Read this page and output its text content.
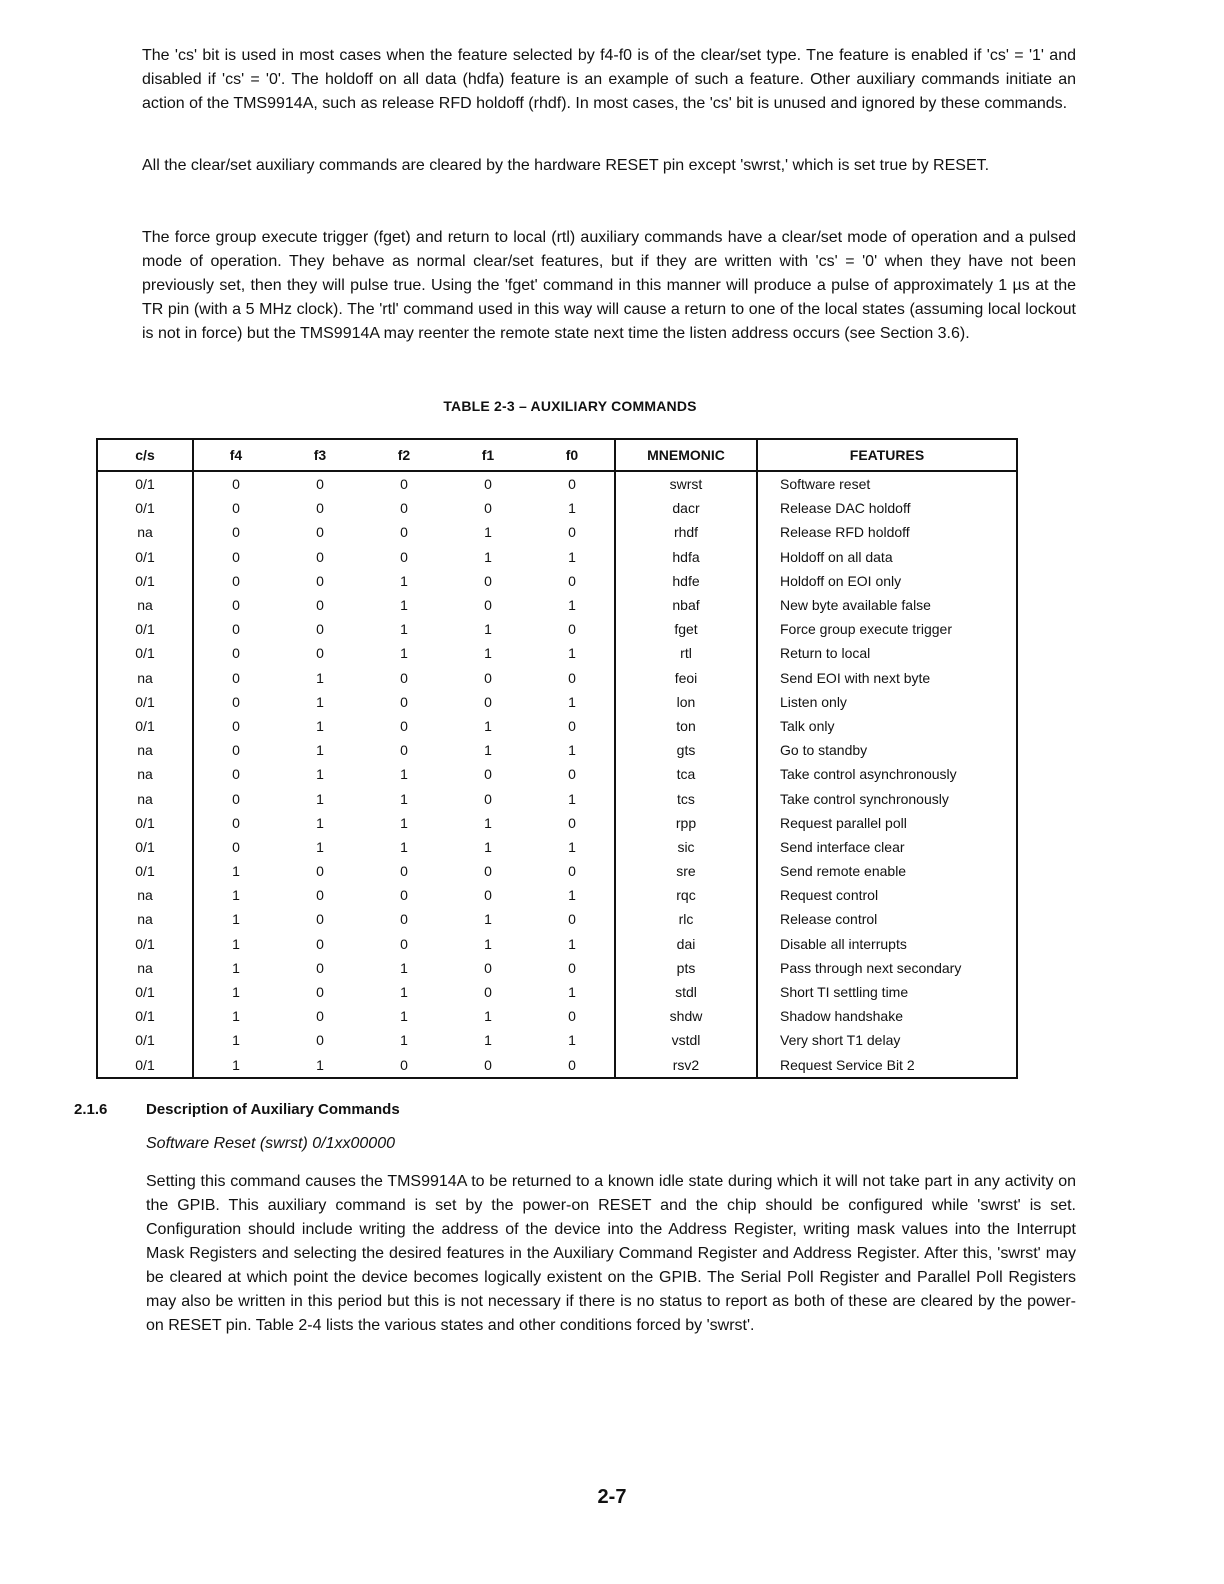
The 'cs' bit is used in most cases when the feature selected by f4-f0 is of the clear/set type. Tne feature is enabled if 'cs' = '1' and disabled if 'cs' = '0'. The holdoff on all data (hdfa) feature is an example of such a feature. Other auxiliary commands initiate an action of the TMS9914A, such as release RFD holdoff (rhdf). In most cases, the 'cs' bit is unused and ignored by these commands.

All the clear/set auxiliary commands are cleared by the hardware RESET pin except 'swrst,' which is set true by RESET.

The force group execute trigger (fget) and return to local (rtl) auxiliary commands have a clear/set mode of operation and a pulsed mode of operation. They behave as normal clear/set features, but if they are written with 'cs' = '0' when they have not been previously set, then they will pulse true. Using the 'fget' command in this manner will produce a pulse of approximately 1 µs at the TR pin (with a 5 MHz clock). The 'rtl' command used in this way will cause a return to one of the local states (assuming local lockout is not in force) but the TMS9914A may reenter the remote state next time the listen address occurs (see Section 3.6).

TABLE 2-3 – AUXILIARY COMMANDS
c/s	f4	f3	f2	f1	f0	MNEMONIC	FEATURES
0/1	0	0	0	0	0	swrst	Software reset
0/1	0	0	0	0	1	dacr	Release DAC holdoff
na	0	0	0	1	0	rhdf	Release RFD holdoff
0/1	0	0	0	1	1	hdfa	Holdoff on all data
0/1	0	0	1	0	0	hdfe	Holdoff on EOI only
na	0	0	1	0	1	nbaf	New byte available false
0/1	0	0	1	1	0	fget	Force group execute trigger
0/1	0	0	1	1	1	rtl	Return to local
na	0	1	0	0	0	feoi	Send EOI with next byte
0/1	0	1	0	0	1	lon	Listen only
0/1	0	1	0	1	0	ton	Talk only
na	0	1	0	1	1	gts	Go to standby
na	0	1	1	0	0	tca	Take control asynchronously
na	0	1	1	0	1	tcs	Take control synchronously
0/1	0	1	1	1	0	rpp	Request parallel poll
0/1	0	1	1	1	1	sic	Send interface clear
0/1	1	0	0	0	0	sre	Send remote enable
na	1	0	0	0	1	rqc	Request control
na	1	0	0	1	0	rlc	Release control
0/1	1	0	0	1	1	dai	Disable all interrupts
na	1	0	1	0	0	pts	Pass through next secondary
0/1	1	0	1	0	1	stdl	Short TI settling time
0/1	1	0	1	1	0	shdw	Shadow handshake
0/1	1	0	1	1	1	vstdl	Very short T1 delay
0/1	1	1	0	0	0	rsv2	Request Service Bit 2
2.1.6	Description of Auxiliary Commands
Software Reset (swrst) 0/1xx00000

Setting this command causes the TMS9914A to be returned to a known idle state during which it will not take part in any activity on the GPIB. This auxiliary command is set by the power-on RESET and the chip should be configured while 'swrst' is set. Configuration should include writing the address of the device into the Address Register, writing mask values into the Interrupt Mask Registers and selecting the desired features in the Auxiliary Command Register and Address Register. After this, 'swrst' may be cleared at which point the device becomes logically existent on the GPIB. The Serial Poll Register and Parallel Poll Registers may also be written in this period but this is not necessary if there is no status to report as both of these are cleared by the power-on RESET pin. Table 2-4 lists the various states and other conditions forced by 'swrst'.

2-7
